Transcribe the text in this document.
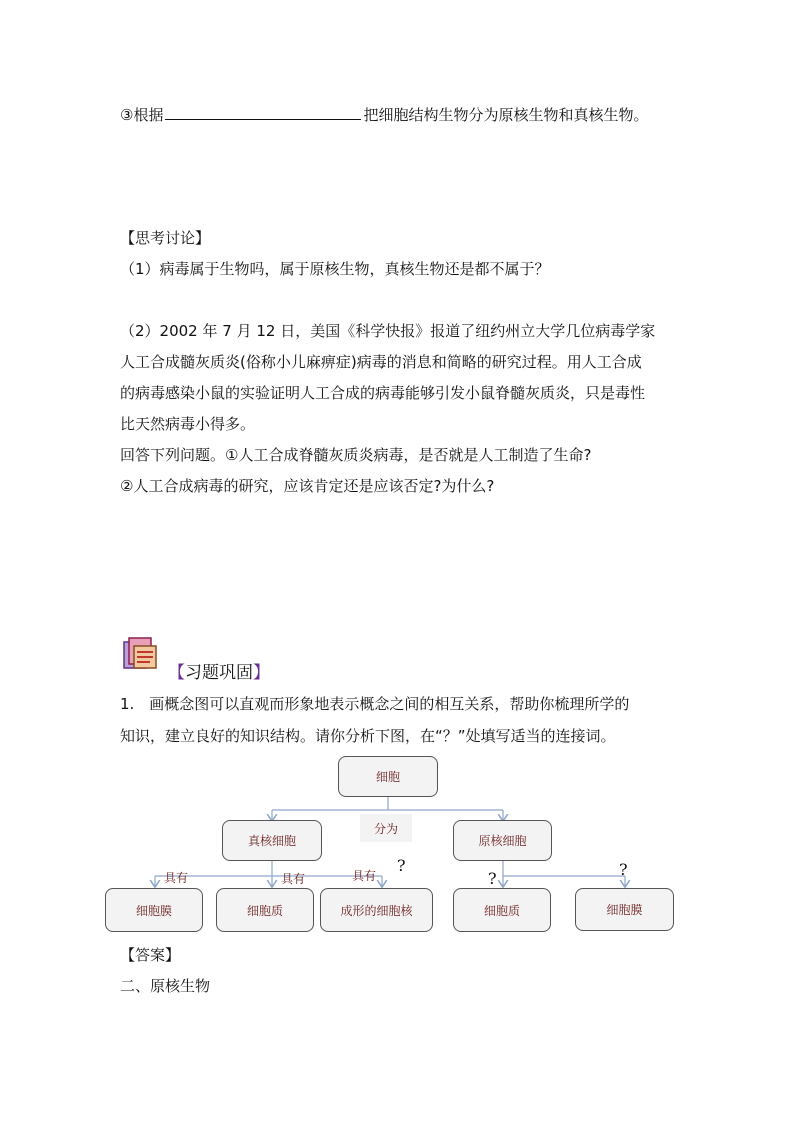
③根据	把细胞结构生物分为原核生物和真核生物。
【思考讨论】
（1）病毒属于生物吗，属于原核生物，真核生物还是都不属于？
（2）2002 年 7 月 12 日，美国《科学快报》报道了纽约州立大学几位病毒学家
人工合成髓灰质炎(俗称小儿麻痹症)病毒的消息和简略的研究过程。用人工合成
的病毒感染小鼠的实验证明人工合成的病毒能够引发小鼠脊髓灰质炎，只是毒性
比天然病毒小得多。
回答下列问题。①人工合成脊髓灰质炎病毒，是否就是人工制造了生命?
②人工合成病毒的研究，应该肯定还是应该否定?为什么?
【习题巩固】
1.　画概念图可以直观而形象地表示概念之间的相互关系，帮助你梳理所学的
知识，建立良好的知识结构。请你分析下图，在“？”处填写适当的连接词。
细胞
分为
真核细胞	原核细胞
具有	具有	具有
?
?	?
细胞膜	细胞质	成形的细胞核	细胞质	细胞膜
【答案】
二、原核生物
